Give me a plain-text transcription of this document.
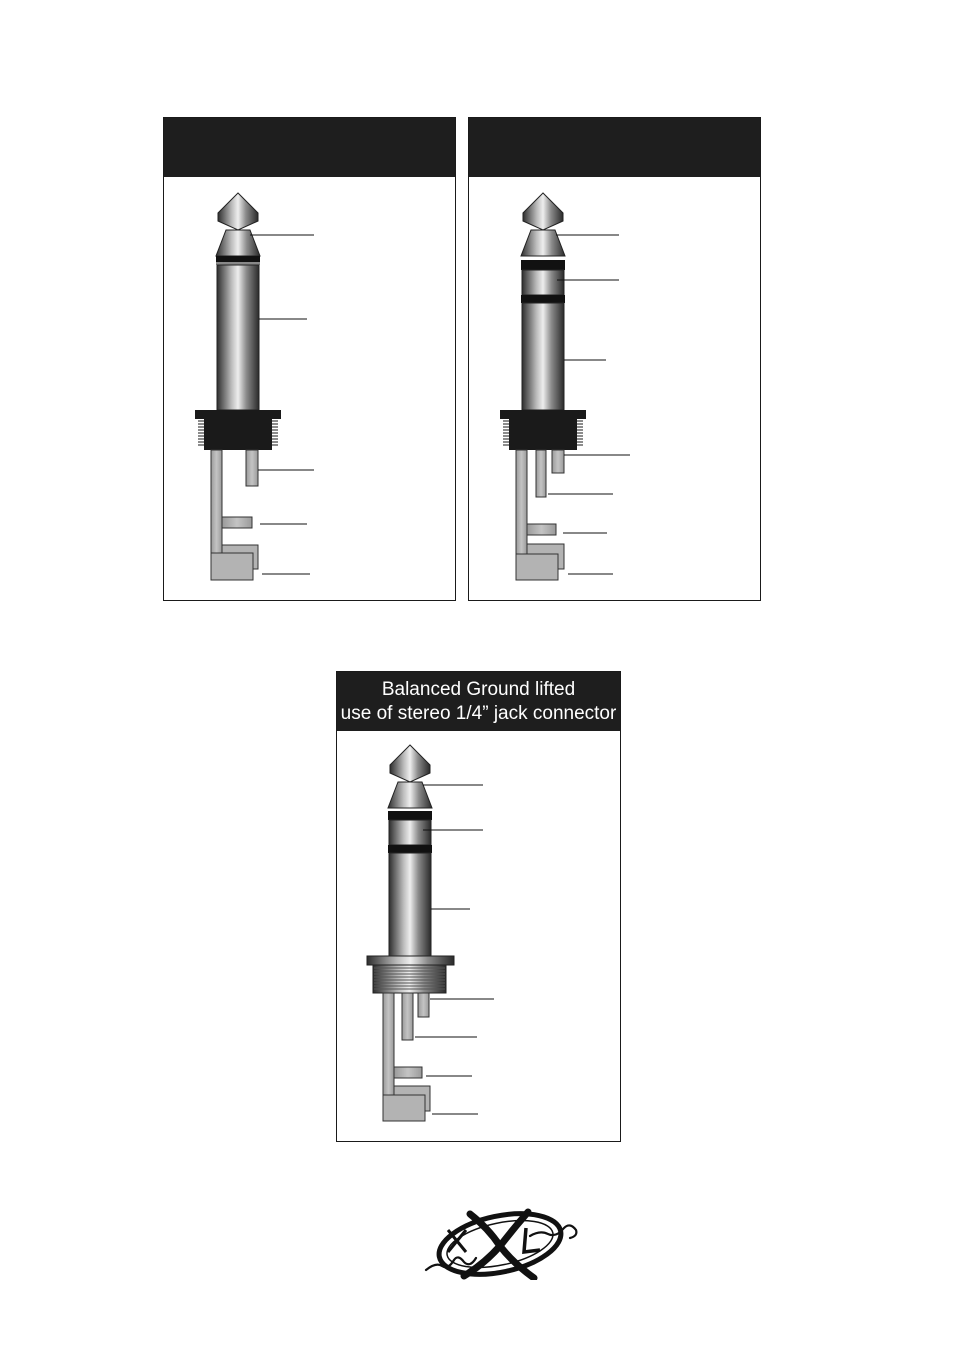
Balanced Ground lifted
use of stereo 1/4” jack connector
